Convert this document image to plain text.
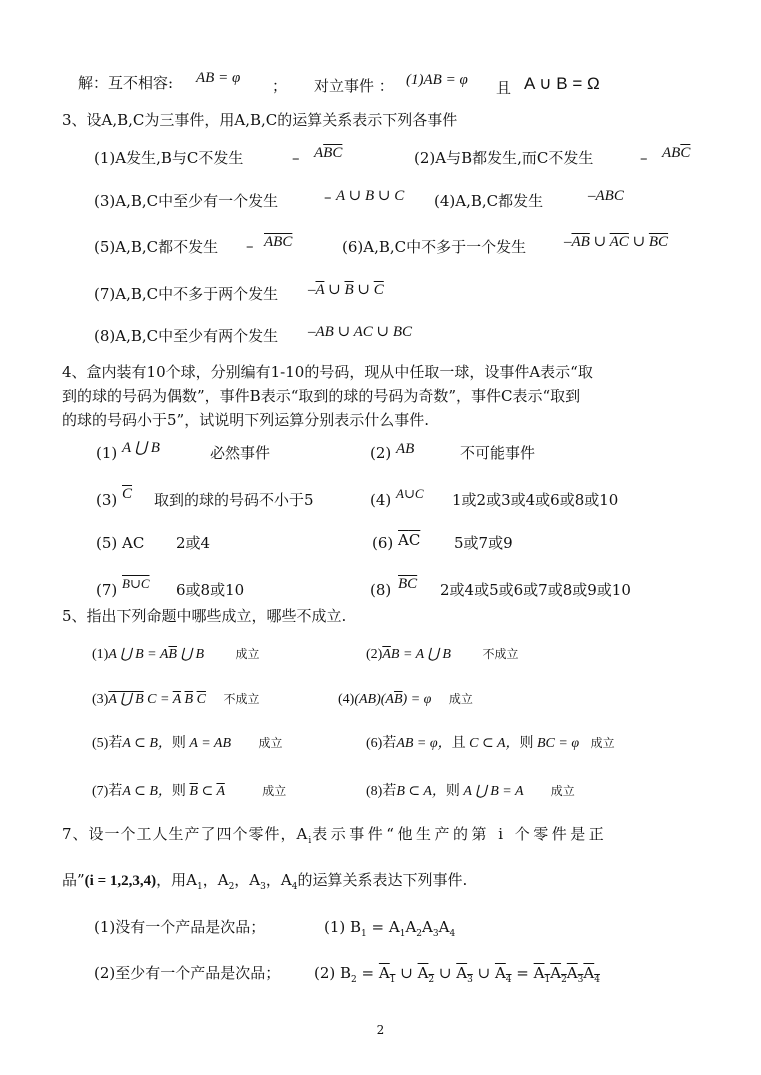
解：互不相容: AB = φ ； 对立事件 ： (1)AB = φ 且 A ∪ B = Ω
3、设A,B,C为三事件，用A,B,C的运算关系表示下列各事件
(1)A发生,B与C不发生	– $A\overline{BC}$	(2)A与B都发生,而C不发生	– $AB\overline{C}$
(3)A,B,C中至少有一个发生	– A ∪ B ∪ C (4)A,B,C都发生	–ABC
(5)A,B,C都不发生 – $\overline{ABC}$	(6)A,B,C中不多于一个发生	$-\overline{AB}$ ∪ $\overline{AC}$ ∪ $\overline{BC}$
(7)A,B,C中不多于两个发生 $-\overline{A}$ ∪ $\overline{B}$ ∪ $\overline{C}$
(8)A,B,C中至少有两个发生 –AB ∪ AC ∪ BC
4、盒内装有10个球，分别编有1-10的号码，现从中任取一球，设事件A表示“取
到的球的号码为偶数”，事件B表示“取到的球的号码为奇数”，事件C表示“取到
的球的号码小于5”，试说明下列运算分别表示什么事件.
(1) A ⋃ B	必然事件	(2) AB	不可能事件
(3) $\overline{C}$ 取到的球的号码不小于5	(4) A∪C 1或2或3或4或6或8或10
(5) AC 2或4	(6) $\overline{A}\overline{C}$ 5或7或9
(7) B∪C 6或8或10	(8) $\overline{BC}$ 2或4或5或6或7或8或9或10
5、指出下列命题中哪些成立，哪些不成立.
(1)A ⋃ $B = A\overline{B}$ ⋃ B 成立	$(2)\overline{A}B = A$ ⋃ B 不成立
(3)A ⋃ B $C = \overline{A}$ $\overline{B}$ $\overline{C}$ 不成立	$(4)(AB)(A\overline{B}) = \varphi$ 成立
(5)若A ⊂ B，则 A = AB 成立	(6)若AB = φ，且 C ⊂ A，则 BC = φ 成立
(7)若A ⊂ B，则 $\overline{B}$ ⊂ $\overline{A}$	成立	(8)若B ⊂ A，则 A ⋃ B = A 成立
7、设一个工人生产了四个零件，$A_i$表示事件“他生产的第 i 个零件是正
品”(i = 1,2,3,4)，用$A_1$，$A_2$，$A_3$，$A_4$的运算关系表达下列事件.
(1)没有一个产品是次品；	(1) $B_1 = A_1A_2A_3A_4$
(2)至少有一个产品是次品； (2) $B_2 = A_1$ ∪ $A_2$ ∪ $A_3$ ∪ $A_4 = A_1A_2A_3A_4$
2
